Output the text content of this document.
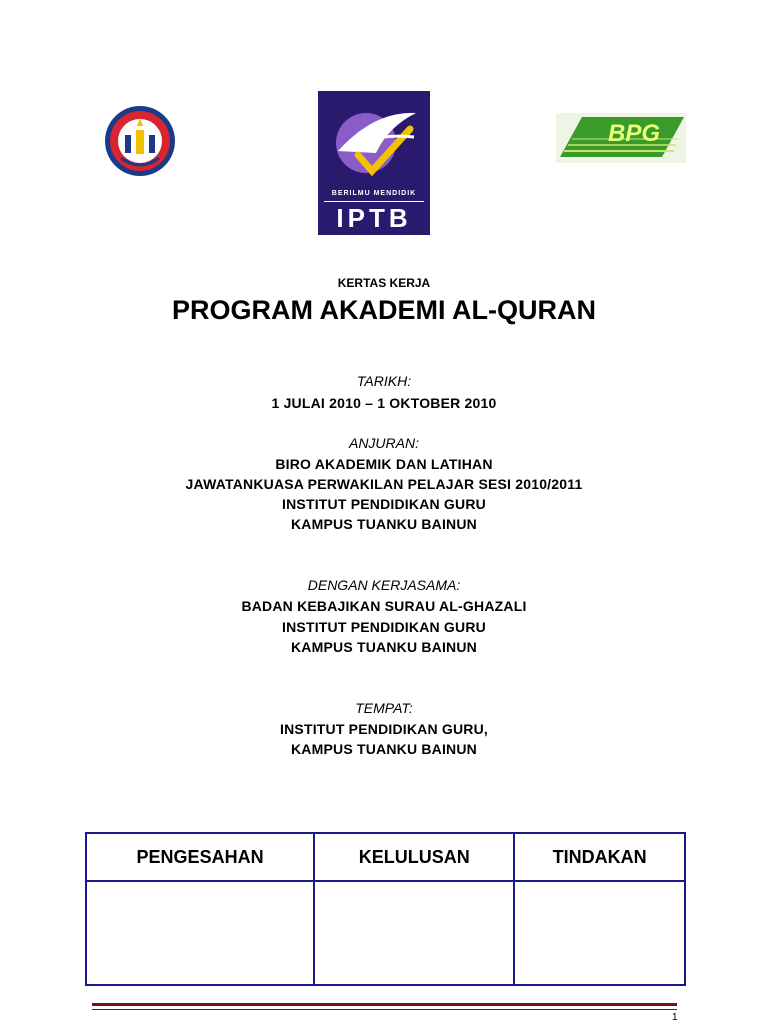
BERILMU MENDIDIK
IPTB
BPG
KERTAS KERJA
PROGRAM AKADEMI AL-QURAN
TARIKH:
1 JULAI 2010 – 1 OKTOBER 2010
ANJURAN:
BIRO AKADEMIK DAN LATIHAN
JAWATANKUASA PERWAKILAN PELAJAR SESI 2010/2011
INSTITUT PENDIDIKAN GURU
KAMPUS TUANKU BAINUN
DENGAN KERJASAMA:
BADAN KEBAJIKAN SURAU AL-GHAZALI
INSTITUT PENDIDIKAN GURU
KAMPUS TUANKU BAINUN
TEMPAT:
INSTITUT PENDIDIKAN GURU,
KAMPUS TUANKU BAINUN
PENGESAHAN	KELULUSAN	TINDAKAN

1
